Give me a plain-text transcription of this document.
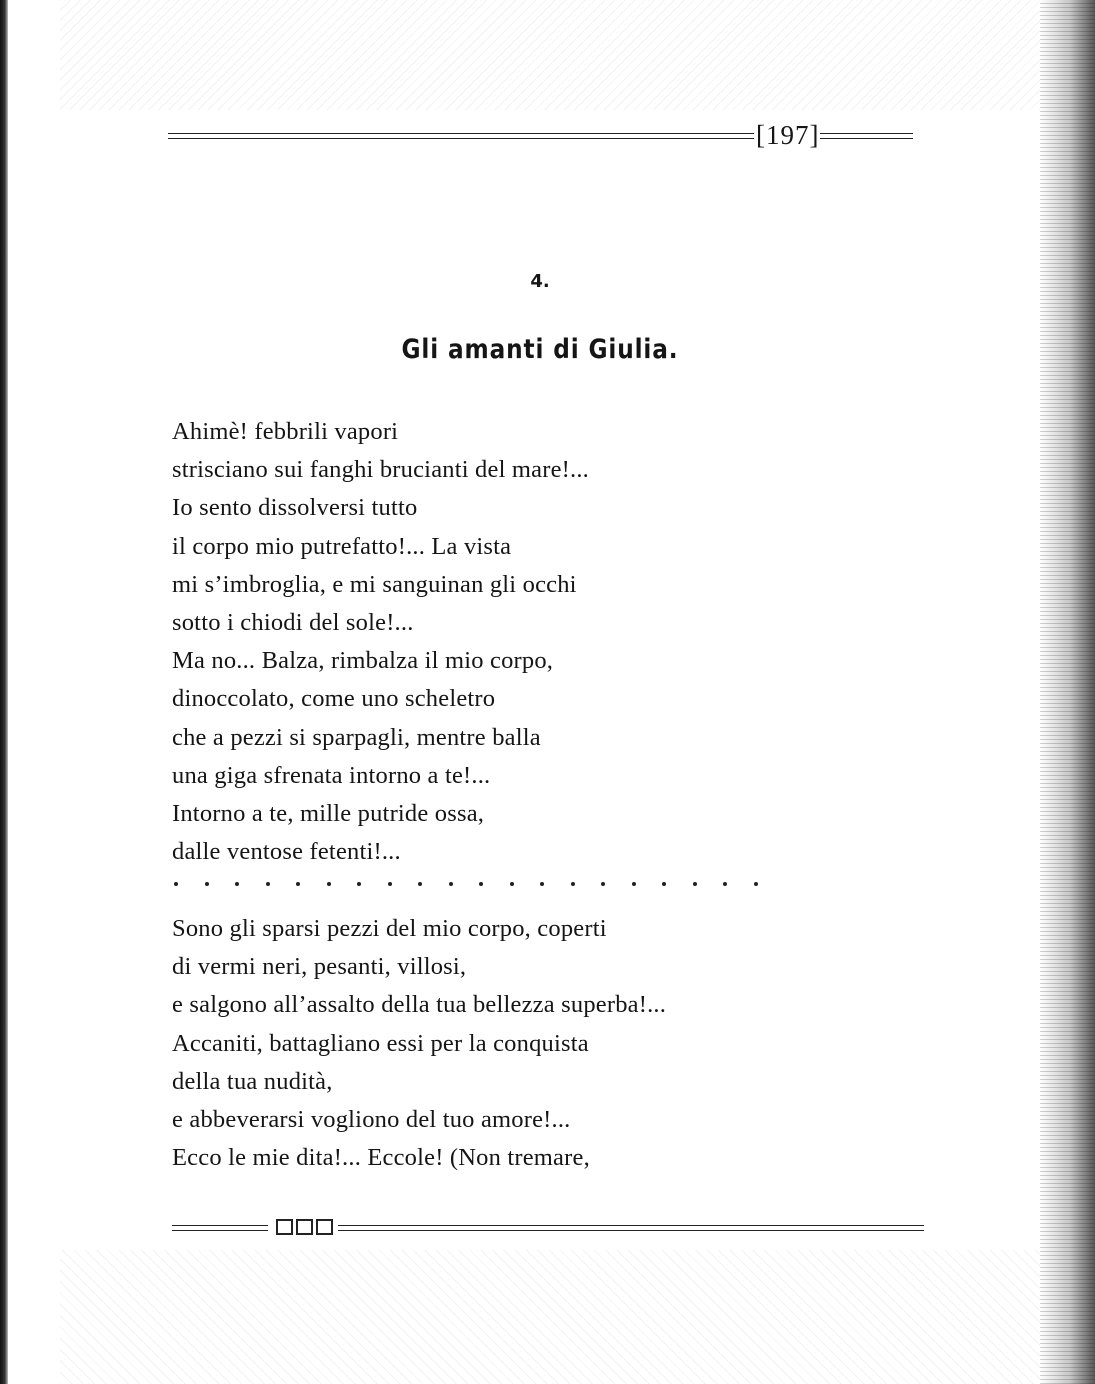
[197]
4.
Gli amanti di Giulia.
Ahimè! febbrili vapori
strisciano sui fanghi brucianti del mare!...
Io sento dissolversi tutto
il corpo mio putrefatto!... La vista
mi s’imbroglia, e mi sanguinan gli occhi
sotto i chiodi del sole!...
Ma no... Balza, rimbalza il mio corpo,
dinoccolato, come uno scheletro
che a pezzi si sparpagli, mentre balla
una giga sfrenata intorno a te!...
Intorno a te, mille putride ossa,
dalle ventose fetenti!...
Sono gli sparsi pezzi del mio corpo, coperti
di vermi neri, pesanti, villosi,
e salgono all’assalto della tua bellezza superba!...
Accaniti, battagliano essi per la conquista
della tua nudità,
e abbeverarsi vogliono del tuo amore!...
Ecco le mie dita!... Eccole! (Non tremare,
